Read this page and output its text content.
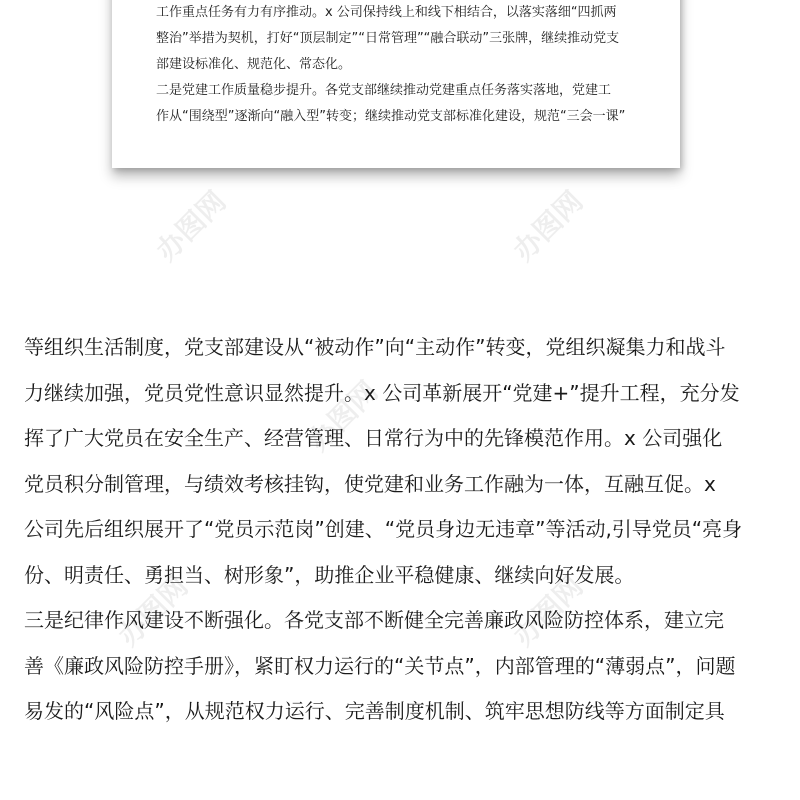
工作重点任务有力有序推动。x 公司保持线上和线下相结合，以落实落细“四抓两

整治”举措为契机，打好“顶层制定”“日常管理”“融合联动”三张牌，继续推动党支

部建设标准化、规范化、常态化。

二是党建工作质量稳步提升。各党支部继续推动党建重点任务落实落地，党建工

作从“围绕型”逐渐向“融入型”转变；继续推动党支部标准化建设，规范“三会一课”

办图网	办图网
办图网
办图网	办图网

等组织生活制度，党支部建设从“被动作”向“主动作”转变，党组织凝集力和战斗

力继续加强，党员党性意识显然提升。x 公司革新展开“党建+”提升工程，充分发

挥了广大党员在安全生产、经营管理、日常行为中的先锋模范作用。x 公司强化

党员积分制管理，与绩效考核挂钩，使党建和业务工作融为一体，互融互促。x

公司先后组织展开了“党员示范岗”创建、“党员身边无违章”等活动,引导党员“亮身

份、明责任、勇担当、树形象”，助推企业平稳健康、继续向好发展。

三是纪律作风建设不断强化。各党支部不断健全完善廉政风险防控体系，建立完

善《廉政风险防控手册》，紧盯权力运行的“关节点”，内部管理的“薄弱点”，问题

易发的“风险点”，从规范权力运行、完善制度机制、筑牢思想防线等方面制定具
